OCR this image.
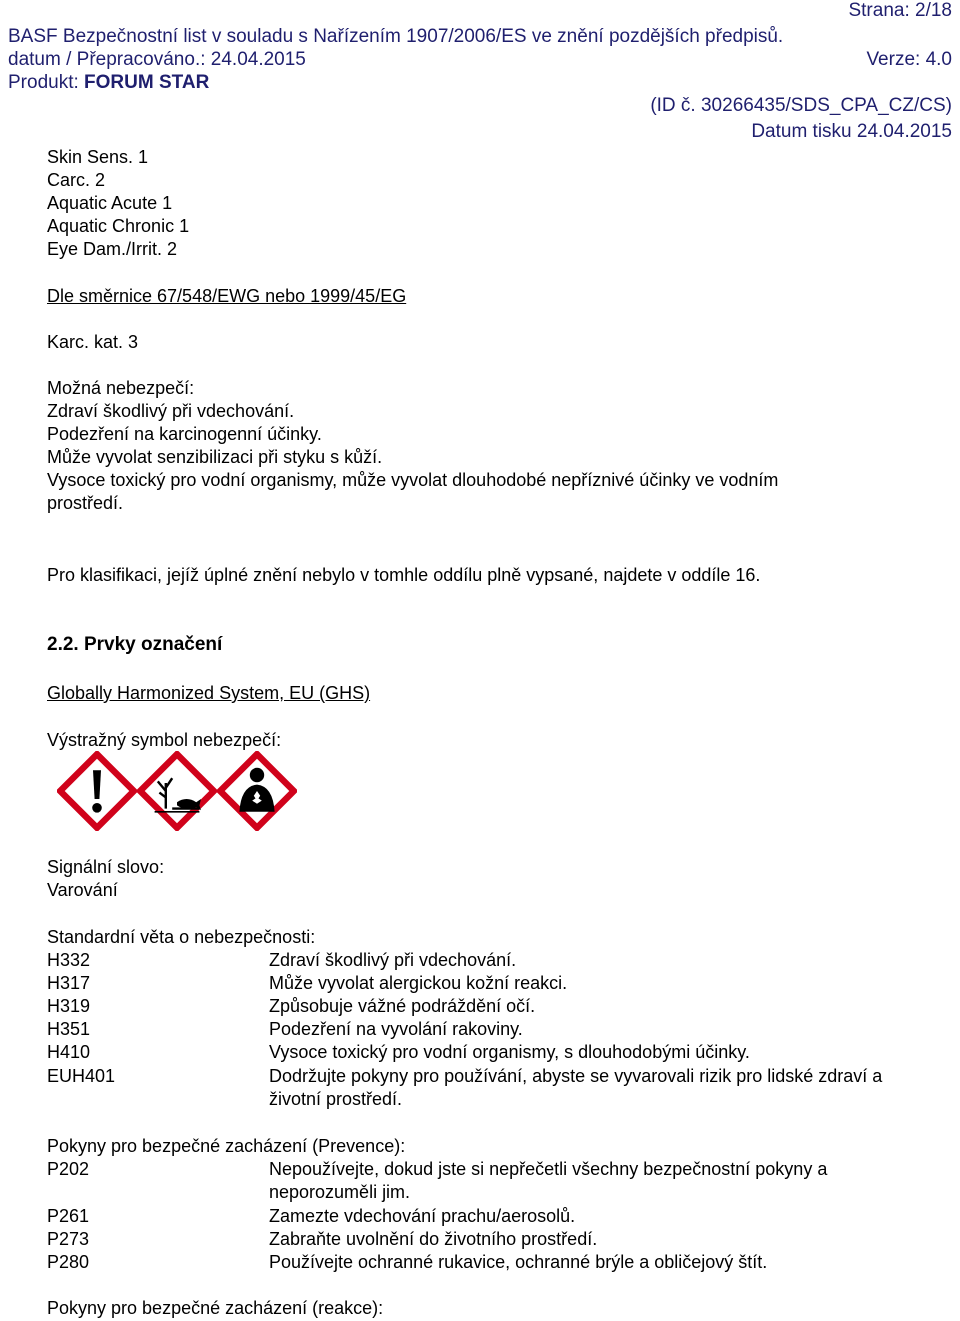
Strana: 2/18
BASF Bezpečnostní list v souladu s Nařízením 1907/2006/ES ve znění pozdějších předpisů.
datum / Přepracováno.: 24.04.2015	Verze: 4.0
Produkt: FORUM STAR
(ID č. 30266435/SDS_CPA_CZ/CS)
Datum tisku 24.04.2015
Skin Sens. 1
Carc. 2
Aquatic Acute 1
Aquatic Chronic 1
Eye Dam./Irrit. 2
Dle směrnice 67/548/EWG nebo 1999/45/EG
Karc. kat. 3
Možná nebezpečí:
Zdraví škodlivý při vdechování.
Podezření na karcinogenní účinky.
Může vyvolat senzibilizaci při styku s kůží.
Vysoce toxický pro vodní organismy, může vyvolat dlouhodobé nepříznivé účinky ve vodním
prostředí.
Pro klasifikaci, jejíž úplné znění nebylo v tomhle oddílu plně vypsané, najdete v oddíle 16.
2.2. Prvky označení
Globally Harmonized System, EU (GHS)
Výstražný symbol nebezpečí:
Signální slovo:
Varování
Standardní věta o nebezpečnosti:
H332	Zdraví škodlivý při vdechování.
H317	Může vyvolat alergickou kožní reakci.
H319	Způsobuje vážné podráždění očí.
H351	Podezření na vyvolání rakoviny.
H410	Vysoce toxický pro vodní organismy, s dlouhodobými účinky.
EUH401	Dodržujte pokyny pro používání, abyste se vyvarovali rizik pro lidské zdraví a životní prostředí.
Pokyny pro bezpečné zacházení (Prevence):
P202	Nepoužívejte, dokud jste si nepřečetli všechny bezpečnostní pokyny a neporozuměli jim.
P261	Zamezte vdechování prachu/aerosolů.
P273	Zabraňte uvolnění do životního prostředí.
P280	Používejte ochranné rukavice, ochranné brýle a obličejový štít.
Pokyny pro bezpečné zacházení (reakce):
